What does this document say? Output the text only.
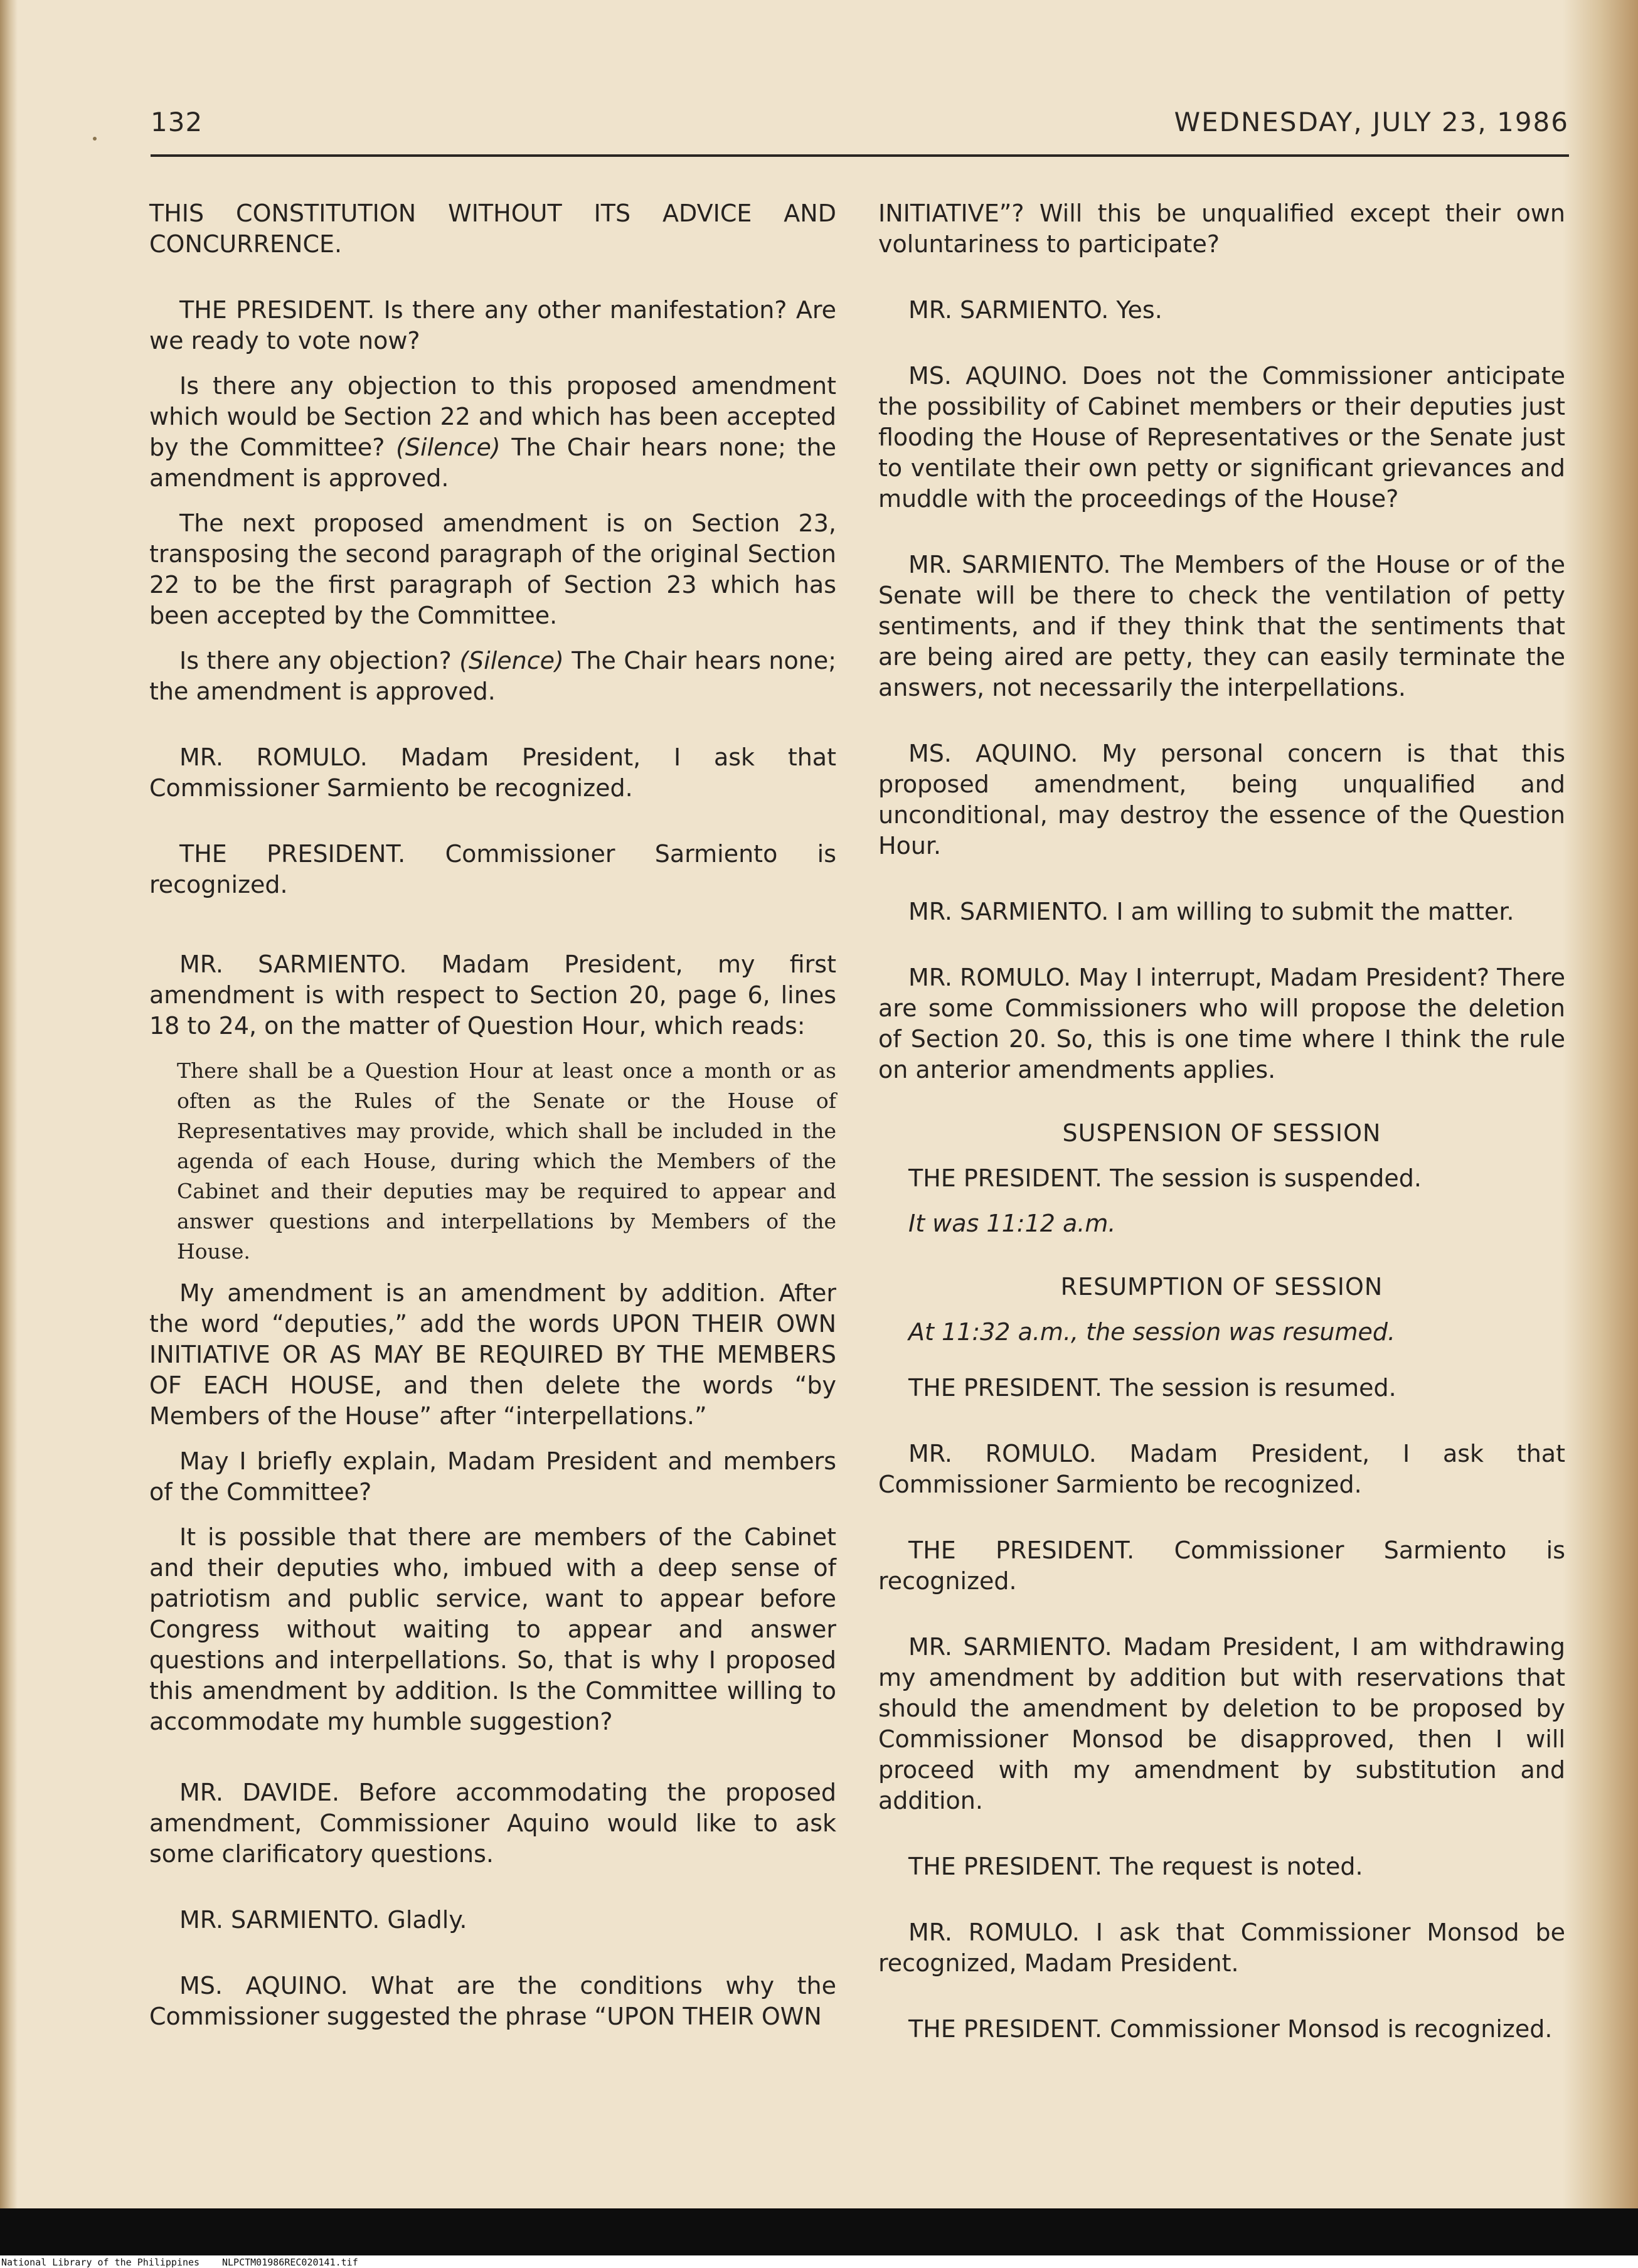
132	WEDNESDAY, JULY 23, 1986

THIS CONSTITUTION WITHOUT ITS ADVICE AND CONCURRENCE.

THE PRESIDENT. Is there any other manifestation? Are we ready to vote now?

Is there any objection to this proposed amendment which would be Section 22 and which has been accepted by the Committee? (Silence) The Chair hears none; the amendment is approved.

The next proposed amendment is on Section 23, transposing the second paragraph of the original Section 22 to be the first paragraph of Section 23 which has been accepted by the Committee.

Is there any objection? (Silence) The Chair hears none; the amendment is approved.

MR. ROMULO. Madam President, I ask that Commissioner Sarmiento be recognized.

THE PRESIDENT. Commissioner Sarmiento is recognized.

MR. SARMIENTO. Madam President, my first amendment is with respect to Section 20, page 6, lines 18 to 24, on the matter of Question Hour, which reads:

There shall be a Question Hour at least once a month or as often as the Rules of the Senate or the House of Representatives may provide, which shall be included in the agenda of each House, during which the Members of the Cabinet and their deputies may be required to appear and answer questions and interpellations by Members of the House.

My amendment is an amendment by addition. After the word “deputies,” add the words UPON THEIR OWN INITIATIVE OR AS MAY BE REQUIRED BY THE MEMBERS OF EACH HOUSE, and then delete the words “by Members of the House” after “interpellations.”

May I briefly explain, Madam President and members of the Committee?

It is possible that there are members of the Cabinet and their deputies who, imbued with a deep sense of patriotism and public service, want to appear before Congress without waiting to appear and answer questions and interpellations. So, that is why I proposed this amendment by addition. Is the Committee willing to accommodate my humble suggestion?

MR. DAVIDE. Before accommodating the proposed amendment, Commissioner Aquino would like to ask some clarificatory questions.

MR. SARMIENTO. Gladly.

MS. AQUINO. What are the conditions why the Commissioner suggested the phrase “UPON THEIR OWN

INITIATIVE”? Will this be unqualified except their own voluntariness to participate?

MR. SARMIENTO. Yes.

MS. AQUINO. Does not the Commissioner anticipate the possibility of Cabinet members or their deputies just flooding the House of Representatives or the Senate just to ventilate their own petty or significant grievances and muddle with the proceedings of the House?

MR. SARMIENTO. The Members of the House or of the Senate will be there to check the ventilation of petty sentiments, and if they think that the sentiments that are being aired are petty, they can easily terminate the answers, not necessarily the interpellations.

MS. AQUINO. My personal concern is that this proposed amendment, being unqualified and unconditional, may destroy the essence of the Question Hour.

MR. SARMIENTO. I am willing to submit the matter.

MR. ROMULO. May I interrupt, Madam President? There are some Commissioners who will propose the deletion of Section 20. So, this is one time where I think the rule on anterior amendments applies.

SUSPENSION OF SESSION

THE PRESIDENT. The session is suspended.

It was 11:12 a.m.

RESUMPTION OF SESSION

At 11:32 a.m., the session was resumed.

THE PRESIDENT. The session is resumed.

MR. ROMULO. Madam President, I ask that Commissioner Sarmiento be recognized.

THE PRESIDENT. Commissioner Sarmiento is recognized.

MR. SARMIENTO. Madam President, I am withdrawing my amendment by addition but with reservations that should the amendment by deletion to be proposed by Commissioner Monsod be disapproved, then I will proceed with my amendment by substitution and addition.

THE PRESIDENT. The request is noted.

MR. ROMULO. I ask that Commissioner Monsod be recognized, Madam President.

THE PRESIDENT. Commissioner Monsod is recognized.

National Library of the Philippines NLPCTM01986REC020141.tif
